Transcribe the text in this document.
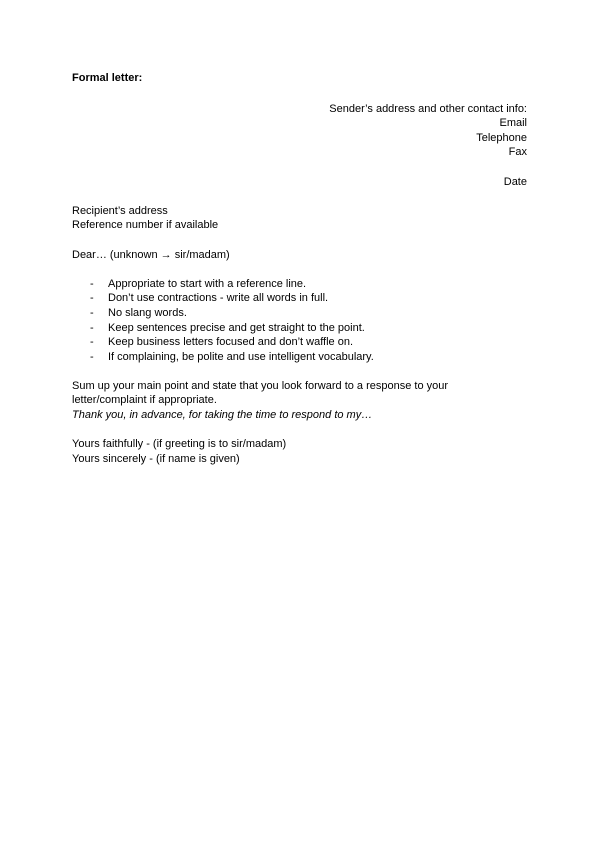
Formal letter:

Sender’s address and other contact info:
Email
Telephone
Fax
Date
Recipient’s address
Reference number if available
Dear… (unknown → sir/madam)
- Appropriate to start with a reference line.
- Don’t use contractions - write all words in full.
- No slang words.
- Keep sentences precise and get straight to the point.
- Keep business letters focused and don’t waffle on.
- If complaining, be polite and use intelligent vocabulary.
Sum up your main point and state that you look forward to a response to your
letter/complaint if appropriate.
Thank you, in advance, for taking the time to respond to my…
Yours faithfully - (if greeting is to sir/madam)
Yours sincerely - (if name is given)
